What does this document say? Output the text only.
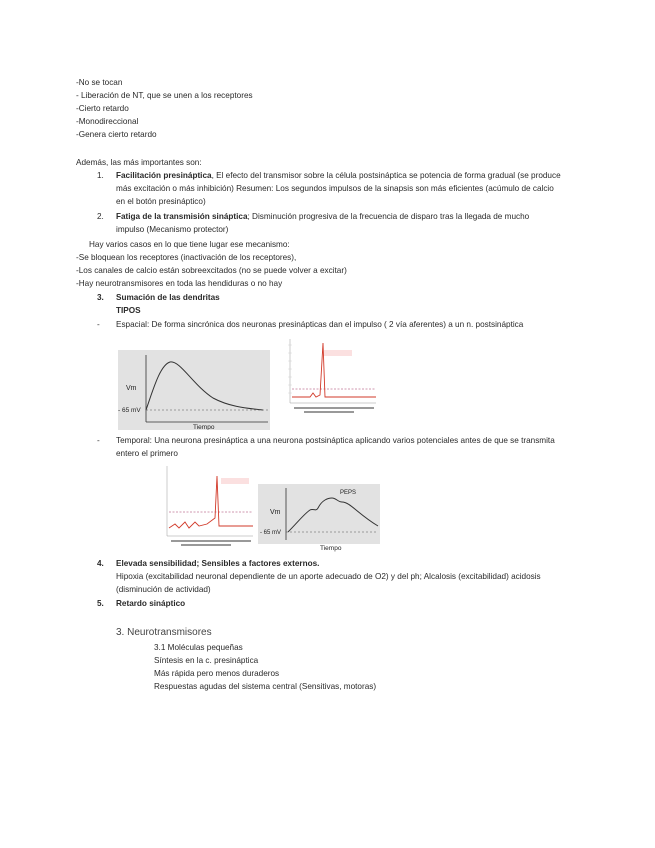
-No se tocan
- Liberación de NT, que se unen a los receptores
-Cierto retardo
-Monodireccional
-Genera cierto retardo
Además, las más importantes son:
1. Facilitación presináptica, El efecto del transmisor sobre la célula postsináptica se potencia de forma gradual (se produce
más excitación o más inhibición) Resumen: Los segundos impulsos de la sinapsis son más eficientes (acúmulo de calcio
en el botón presináptico)
2. Fatiga de la transmisión sináptica; Disminución progresiva de la frecuencia de disparo tras la llegada de mucho
impulso (Mecanismo protector)
Hay varios casos en lo que tiene lugar ese mecanismo:
-Se bloquean los receptores (inactivación de los receptores),
-Los canales de calcio están sobreexcitados (no se puede volver a excitar)
-Hay neurotransmisores en toda las hendiduras o no hay
3. Sumación de las dendritas
TIPOS
- Espacial: De forma sincrónica dos neuronas presinápticas dan el impulso ( 2 vía aferentes) a un n. postsináptica
Vm
- 65 mV
Tiempo
- Temporal: Una neurona presináptica a una neurona postsináptica aplicando varios potenciales antes de que se transmita
entero el primero
PEPS
Vm
- 65 mV
Tiempo
4. Elevada sensibilidad; Sensibles a factores externos.
Hipoxia (excitabilidad neuronal dependiente de un aporte adecuado de O2) y del ph; Alcalosis (excitabilidad) acidosis
(disminución de actividad)
5. Retardo sináptico
3. Neurotransmisores
3.1 Moléculas pequeñas
Síntesis en la c. presináptica
Más rápida pero menos duraderos
Respuestas agudas del sistema central (Sensitivas, motoras)
